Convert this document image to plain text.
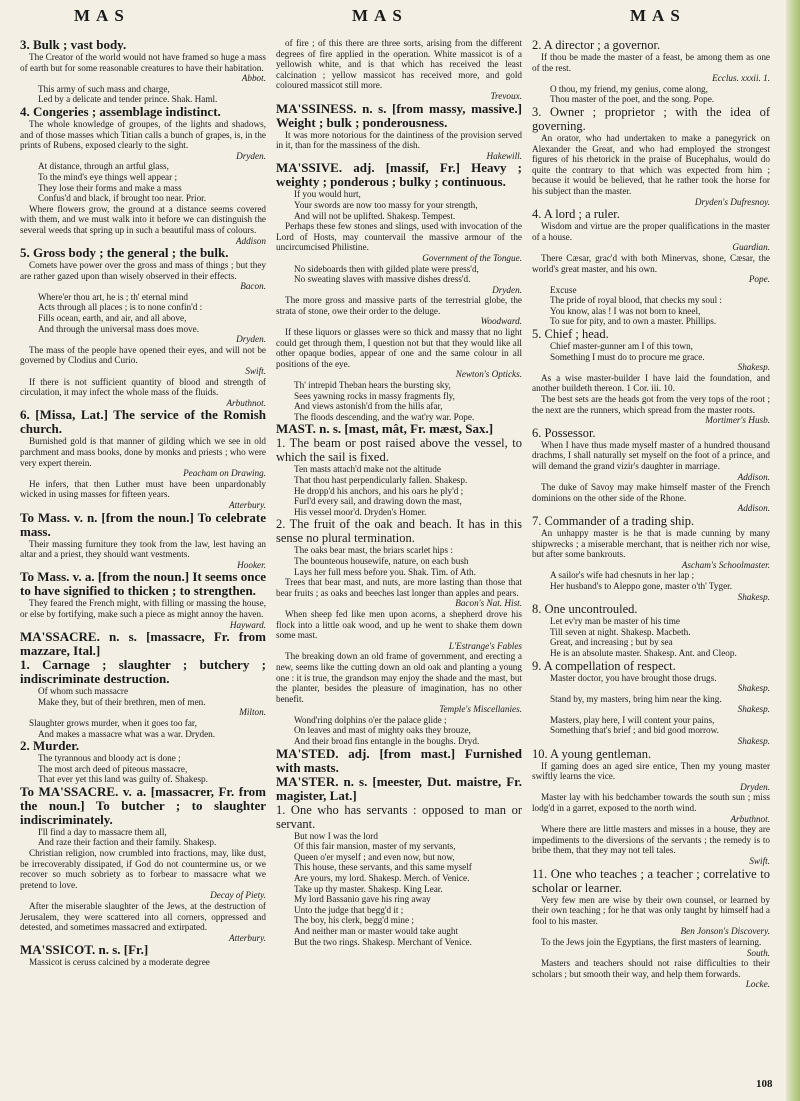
MAS	MAS	MAS

3. Bulk ; vast body.

The Creator of the world would not have framed so huge a mass of earth but for some reasonable creatures to have their habitation.

Abbot.

This army of such mass and charge,

Led by a delicate and tender prince. Shak. Haml.

4. Congeries ; assemblage indistinct.

The whole knowledge of groupes, of the lights and shadows, and of those masses which Titian calls a bunch of grapes, is, in the prints of Rubens, exposed clearly to the sight.

Dryden.

At distance, through an artful glass,

To the mind's eye things well appear ;

They lose their forms and make a mass

Confus'd and black, if brought too near. Prior.

Where flowers grow, the ground at a distance seems covered with them, and we must walk into it before we can distinguish the several weeds that spring up in such a beautiful mass of colours.

Addison

5. Gross body ; the general ; the bulk.

Comets have power over the gross and mass of things ; but they are rather gazed upon than wisely observed in their effects.

Bacon.

Where'er thou art, he is ; th' eternal mind

Acts through all places ; is to none confin'd :

Fills ocean, earth, and air, and all above,

And through the universal mass does move.

Dryden.

The mass of the people have opened their eyes, and will not be governed by Clodius and Curio.

Swift.

If there is not sufficient quantity of blood and strength of circulation, it may infect the whole mass of the fluids.

Arbuthnot.

6. [Missa, Lat.] The service of the Romish church.

Burnished gold is that manner of gilding which we see in old parchment and mass books, done by monks and priests ; who were very expert therein.

Peacham on Drawing.

He infers, that then Luther must have been unpardonably wicked in using masses for fifteen years.

Atterbury.

To Mass. v. n. [from the noun.] To celebrate mass.

Their massing furniture they took from the law, lest having an altar and a priest, they should want vestments.

Hooker.

To Mass. v. a. [from the noun.] It seems once to have signified to thicken ; to strengthen.

They feared the French might, with filling or massing the house, or else by fortifying, make such a piece as might annoy the haven.

Hayward.

MA'SSACRE. n. s. [massacre, Fr. from mazzare, Ital.]

1. Carnage ; slaughter ; butchery ; indiscriminate destruction.

Of whom such massacre

Make they, but of their brethren, men of men.

Milton.

Slaughter grows murder, when it goes too far,

And makes a massacre what was a war. Dryden.

2. Murder.

The tyrannous and bloody act is done ;

The most arch deed of piteous massacre,

That ever yet this land was guilty of. Shakesp.

To MA'SSACRE. v. a. [massacrer, Fr. from the noun.] To butcher ; to slaughter indiscriminately.

I'll find a day to massacre them all,

And raze their faction and their family. Shakesp.

Christian religion, now crumbled into fractions, may, like dust, be irrecoverably dissipated, if God do not countermine us, or we recover so much sobriety as to forbear to massacre what we pretend to love.

Decay of Piety.

After the miserable slaughter of the Jews, at the destruction of Jerusalem, they were scattered into all corners, oppressed and detested, and sometimes massacred and extirpated.

Atterbury.

MA'SSICOT. n. s. [Fr.]

Massicot is ceruss calcined by a moderate degree

of fire ; of this there are three sorts, arising from the different degrees of fire applied in the operation. White massicot is of a yellowish white, and is that which has received the least calcination ; yellow massicot has received more, and gold coloured massicot still more.

Trevoux.

MA'SSINESS. n. s. [from massy, massive.] Weight ; bulk ; ponderousness.

It was more notorious for the daintiness of the provision served in it, than for the massiness of the dish.

Hakewill.

MA'SSIVE. adj. [massif, Fr.] Heavy ; weighty ; ponderous ; bulky ; continuous.

If you would hurt,

Your swords are now too massy for your strength,

And will not be uplifted. Shakesp. Tempest.

Perhaps these few stones and slings, used with invocation of the Lord of Hosts, may countervail the massive armour of the uncircumcised Philistine.

Government of the Tongue.

No sideboards then with gilded plate were press'd,

No sweating slaves with massive dishes dress'd.

Dryden.

The more gross and massive parts of the terrestrial globe, the strata of stone, owe their order to the deluge.

Woodward.

If these liquors or glasses were so thick and massy that no light could get through them, I question not but that they would like all other opaque bodies, appear of one and the same colour in all positions of the eye.

Newton's Opticks.

Th' intrepid Theban hears the bursting sky,

Sees yawning rocks in massy fragments fly,

And views astonish'd from the hills afar,

The floods descending, and the wat'ry war. Pope.

MAST. n. s. [mast, mât, Fr. mæst, Sax.]

1. The beam or post raised above the vessel, to which the sail is fixed.

Ten masts attach'd make not the altitude

That thou hast perpendicularly fallen. Shakesp.

He dropp'd his anchors, and his oars he ply'd ;

Furl'd every sail, and drawing down the mast,

His vessel moor'd. Dryden's Homer.

2. The fruit of the oak and beach. It has in this sense no plural termination.

The oaks bear mast, the briars scarlet hips :

The bounteous housewife, nature, on each bush

Lays her full mess before you. Shak. Tim. of Ath.

Trees that bear mast, and nuts, are more lasting than those that bear fruits ; as oaks and beeches last longer than apples and pears.

Bacon's Nat. Hist.

When sheep fed like men upon acorns, a shepherd drove his flock into a little oak wood, and up he went to shake them down some mast.

L'Estrange's Fables

The breaking down an old frame of government, and erecting a new, seems like the cutting down an old oak and planting a young one : it is true, the grandson may enjoy the shade and the mast, but the planter, besides the pleasure of imagination, has no other benefit.

Temple's Miscellanies.

Wond'ring dolphins o'er the palace glide ;

On leaves and mast of mighty oaks they brouze,

And their broad fins entangle in the boughs. Dryd.

MA'STED. adj. [from mast.] Furnished with masts.

MA'STER. n. s. [meester, Dut. maistre, Fr. magister, Lat.]

1. One who has servants : opposed to man or servant.

But now I was the lord

Of this fair mansion, master of my servants,

Queen o'er myself ; and even now, but now,

This house, these servants, and this same myself

Are yours, my lord. Shakesp. Merch. of Venice.

Take up thy master. Shakesp. King Lear.

My lord Bassanio gave his ring away

Unto the judge that begg'd it ;

The boy, his clerk, begg'd mine ;

And neither man or master would take aught

But the two rings. Shakesp. Merchant of Venice.

2. A director ; a governor.

If thou be made the master of a feast, be among them as one of the rest.

Ecclus. xxxii. 1.

O thou, my friend, my genius, come along,

Thou master of the poet, and the song. Pope.

3. Owner ; proprietor ; with the idea of governing.

An orator, who had undertaken to make a panegyrick on Alexander the Great, and who had employed the strongest figures of his rhetorick in the praise of Bucephalus, would do quite the contrary to that which was expected from him ; because it would be believed, that he rather took the horse for his subject than the master.

Dryden's Dufresnoy.

4. A lord ; a ruler.

Wisdom and virtue are the proper qualifications in the master of a house.

Guardian.

There Cæsar, grac'd with both Minervas, shone, Cæsar, the world's great master, and his own.

Pope.

Excuse

The pride of royal blood, that checks my soul :

You know, alas ! I was not born to kneel,

To sue for pity, and to own a master. Phillips.

5. Chief ; head.

Chief master-gunner am I of this town,

Something I must do to procure me grace.

Shakesp.

As a wise master-builder I have laid the foundation, and another buildeth thereon. 1 Cor. iii. 10.

The best sets are the heads got from the very tops of the root ; the next are the runners, which spread from the master roots.

Mortimer's Husb.

6. Possessor.

When I have thus made myself master of a hundred thousand drachms, I shall naturally set myself on the foot of a prince, and will demand the grand vizir's daughter in marriage.

Addison.

The duke of Savoy may make himself master of the French dominions on the other side of the Rhone.

Addison.

7. Commander of a trading ship.

An unhappy master is he that is made cunning by many shipwrecks ; a miserable merchant, that is neither rich nor wise, but after some bankrouts.

Ascham's Schoolmaster.

A sailor's wife had chesnuts in her lap ;

Her husband's to Aleppo gone, master o'th' Tyger.

Shakesp.

8. One uncontrouled.

Let ev'ry man be master of his time

Till seven at night. Shakesp. Macbeth.

Great, and increasing ; but by sea

He is an absolute master. Shakesp. Ant. and Cleop.

9. A compellation of respect.

Master doctor, you have brought those drugs.

Shakesp.

Stand by, my masters, bring him near the king.

Shakesp.

Masters, play here, I will content your pains,

Something that's brief ; and bid good morrow.

Shakesp.

10. A young gentleman.

If gaming does an aged sire entice, Then my young master swiftly learns the vice.

Dryden.

Master lay with his bedchamber towards the south sun ; miss lodg'd in a garret, exposed to the north wind.

Arbuthnot.

Where there are little masters and misses in a house, they are impediments to the diversions of the servants ; the remedy is to bribe them, that they may not tell tales.

Swift.

11. One who teaches ; a teacher ; correlative to scholar or learner.

Very few men are wise by their own counsel, or learned by their own teaching ; for he that was only taught by himself had a fool to his master.

Ben Jonson's Discovery.

To the Jews join the Egyptians, the first masters of learning.

South.

Masters and teachers should not raise difficulties to their scholars ; but smooth their way, and help them forwards.

Locke.

108
